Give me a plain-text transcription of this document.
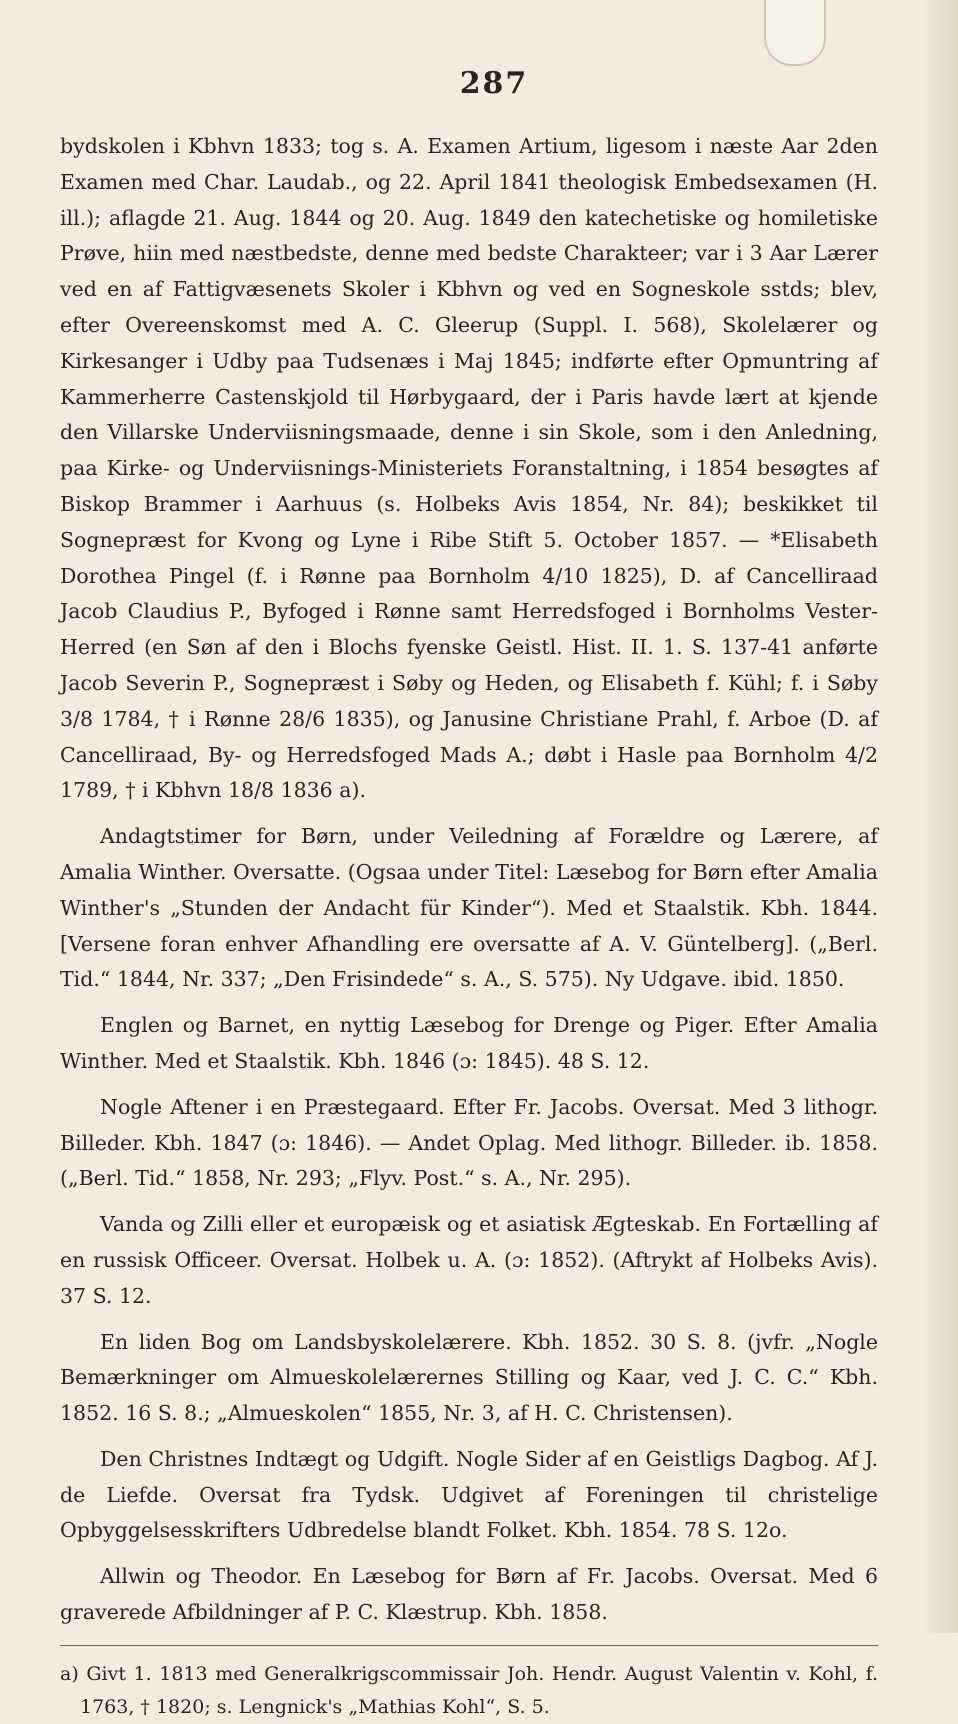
287

bydskolen i Kbhvn 1833; tog s. A. Examen Artium, ligesom i næste Aar 2den Examen med Char. Laudab., og 22. April 1841 theologisk Embedsexamen (H. ill.); aflagde 21. Aug. 1844 og 20. Aug. 1849 den katechetiske og homiletiske Prøve, hiin med næstbedste, denne med bedste Charakteer; var i 3 Aar Lærer ved en af Fattigvæsenets Skoler i Kbhvn og ved en Sogneskole sstds; blev, efter Overeenskomst med A. C. Gleerup (Suppl. I. 568), Skolelærer og Kirkesanger i Udby paa Tudsenæs i Maj 1845; indførte efter Opmuntring af Kammerherre Castenskjold til Hørbygaard, der i Paris havde lært at kjende den Villarske Underviisningsmaade, denne i sin Skole, som i den Anledning, paa Kirke- og Underviisnings-Ministeriets Foranstaltning, i 1854 besøgtes af Biskop Brammer i Aarhuus (s. Holbeks Avis 1854, Nr. 84); beskikket til Sognepræst for Kvong og Lyne i Ribe Stift 5. October 1857. — *Elisabeth Dorothea Pingel (f. i Rønne paa Bornholm 4/10 1825), D. af Cancelliraad Jacob Claudius P., Byfoged i Rønne samt Herredsfoged i Bornholms Vester-Herred (en Søn af den i Blochs fyenske Geistl. Hist. II. 1. S. 137-41 anførte Jacob Severin P., Sognepræst i Søby og Heden, og Elisabeth f. Kühl; f. i Søby 3/8 1784, † i Rønne 28/6 1835), og Janusine Christiane Prahl, f. Arboe (D. af Cancelliraad, By- og Herredsfoged Mads A.; døbt i Hasle paa Bornholm 4/2 1789, † i Kbhvn 18/8 1836 a).

Andagtstimer for Børn, under Veiledning af Forældre og Lærere, af Amalia Winther. Oversatte. (Ogsaa under Titel: Læsebog for Børn efter Amalia Winther's „Stunden der Andacht für Kinder“). Med et Staalstik. Kbh. 1844. [Versene foran enhver Afhandling ere oversatte af A. V. Güntelberg]. („Berl. Tid.“ 1844, Nr. 337; „Den Frisindede“ s. A., S. 575). Ny Udgave. ibid. 1850.

Englen og Barnet, en nyttig Læsebog for Drenge og Piger. Efter Amalia Winther. Med et Staalstik. Kbh. 1846 (ɔ: 1845). 48 S. 12.

Nogle Aftener i en Præstegaard. Efter Fr. Jacobs. Oversat. Med 3 lithogr. Billeder. Kbh. 1847 (ɔ: 1846). — Andet Oplag. Med lithogr. Billeder. ib. 1858. („Berl. Tid.“ 1858, Nr. 293; „Flyv. Post.“ s. A., Nr. 295).

Vanda og Zilli eller et europæisk og et asiatisk Ægteskab. En Fortælling af en russisk Officeer. Oversat. Holbek u. A. (ɔ: 1852). (Aftrykt af Holbeks Avis). 37 S. 12.

En liden Bog om Landsbyskolelærere. Kbh. 1852. 30 S. 8. (jvfr. „Nogle Bemærkninger om Almueskolelærernes Stilling og Kaar, ved J. C. C.“ Kbh. 1852. 16 S. 8.; „Almueskolen“ 1855, Nr. 3, af H. C. Christensen).

Den Christnes Indtægt og Udgift. Nogle Sider af en Geistligs Dagbog. Af J. de Liefde. Oversat fra Tydsk. Udgivet af Foreningen til christelige Opbyggelsesskrifters Udbredelse blandt Folket. Kbh. 1854. 78 S. 12o.

Allwin og Theodor. En Læsebog for Børn af Fr. Jacobs. Oversat. Med 6 graverede Afbildninger af P. C. Klæstrup. Kbh. 1858.

a) Givt 1. 1813 med Generalkrigscommissair Joh. Hendr. August Valentin v. Kohl, f. 1763, † 1820; s. Lengnick's „Mathias Kohl“, S. 5.
